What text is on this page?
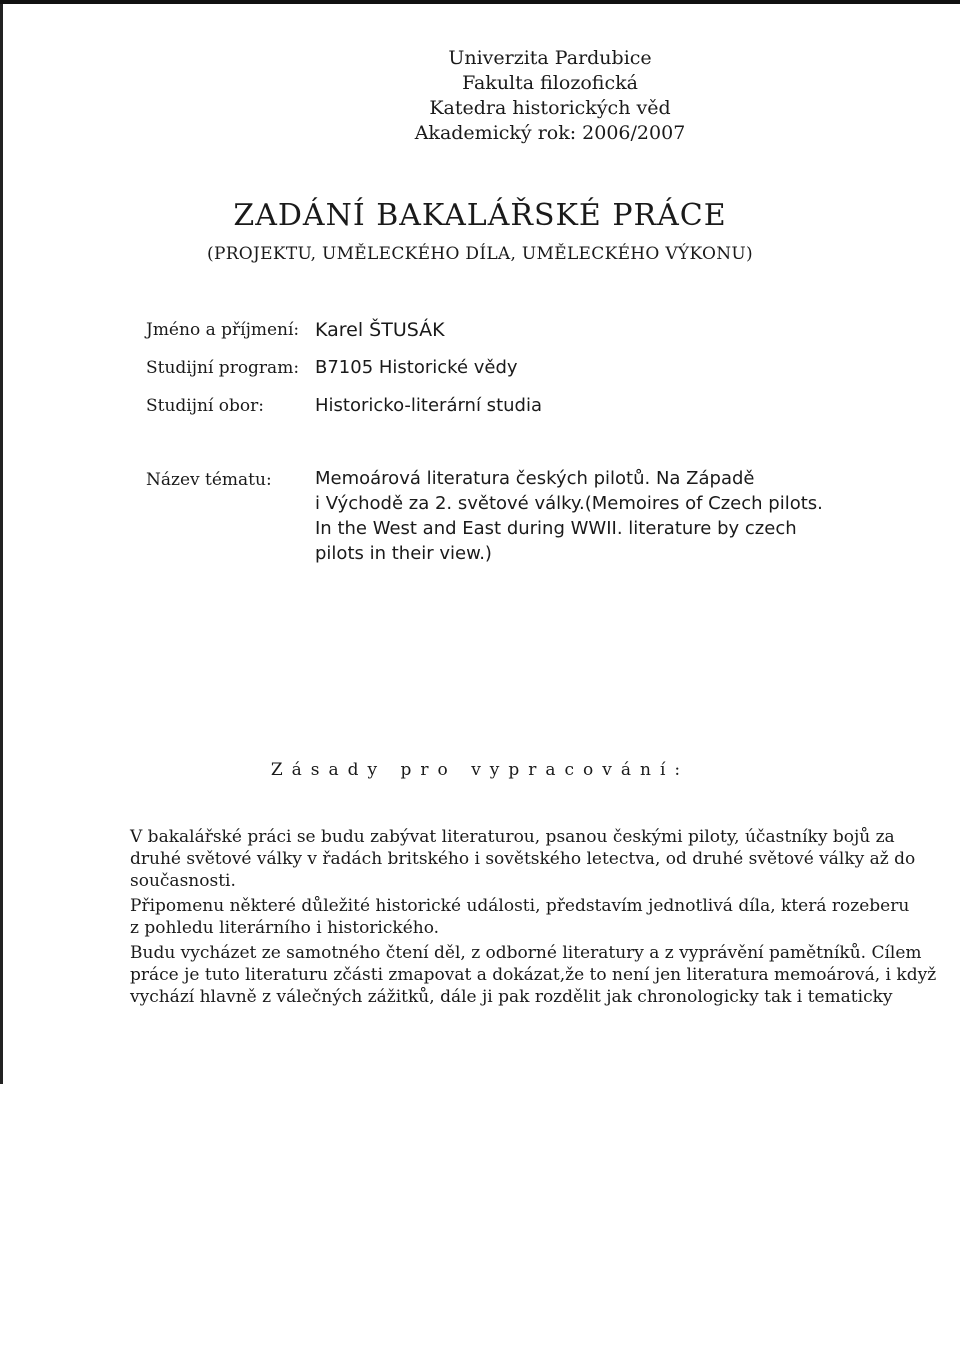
Univerzita Pardubice
Fakulta filozofická
Katedra historických věd
Akademický rok: 2006/2007
ZADÁNÍ BAKALÁŘSKÉ PRÁCE
(PROJEKTU, UMĚLECKÉHO DÍLA, UMĚLECKÉHO VÝKONU)
Jméno a příjmení: Karel ŠTUSÁK
Studijní program: B7105 Historické vědy
Studijní obor:	Historicko-literární studia
Název tématu: Memoárová literatura českých pilotů. Na Západě
i Východě za 2. světové války.(Memoires of Czech pilots.
In the West and East during WWII. literature by czech
pilots in their view.)
Zásady pro vypracování:
V bakalářské práci se budu zabývat literaturou, psanou českými piloty, účastníky bojů za
druhé světové války v řadách britského i sovětského letectva, od druhé světové války až do
současnosti.
Připomenu některé důležité historické události, představím jednotlivá díla, která rozeberu
z pohledu literárního i historického.
Budu vycházet ze samotného čtení děl, z odborné literatury a z vyprávění pamětníků. Cílem
práce je tuto literaturu zčásti zmapovat a dokázat,že to není jen literatura memoárová, i když
vychází hlavně z válečných zážitků, dále ji pak rozdělit jak chronologicky tak i tematicky
